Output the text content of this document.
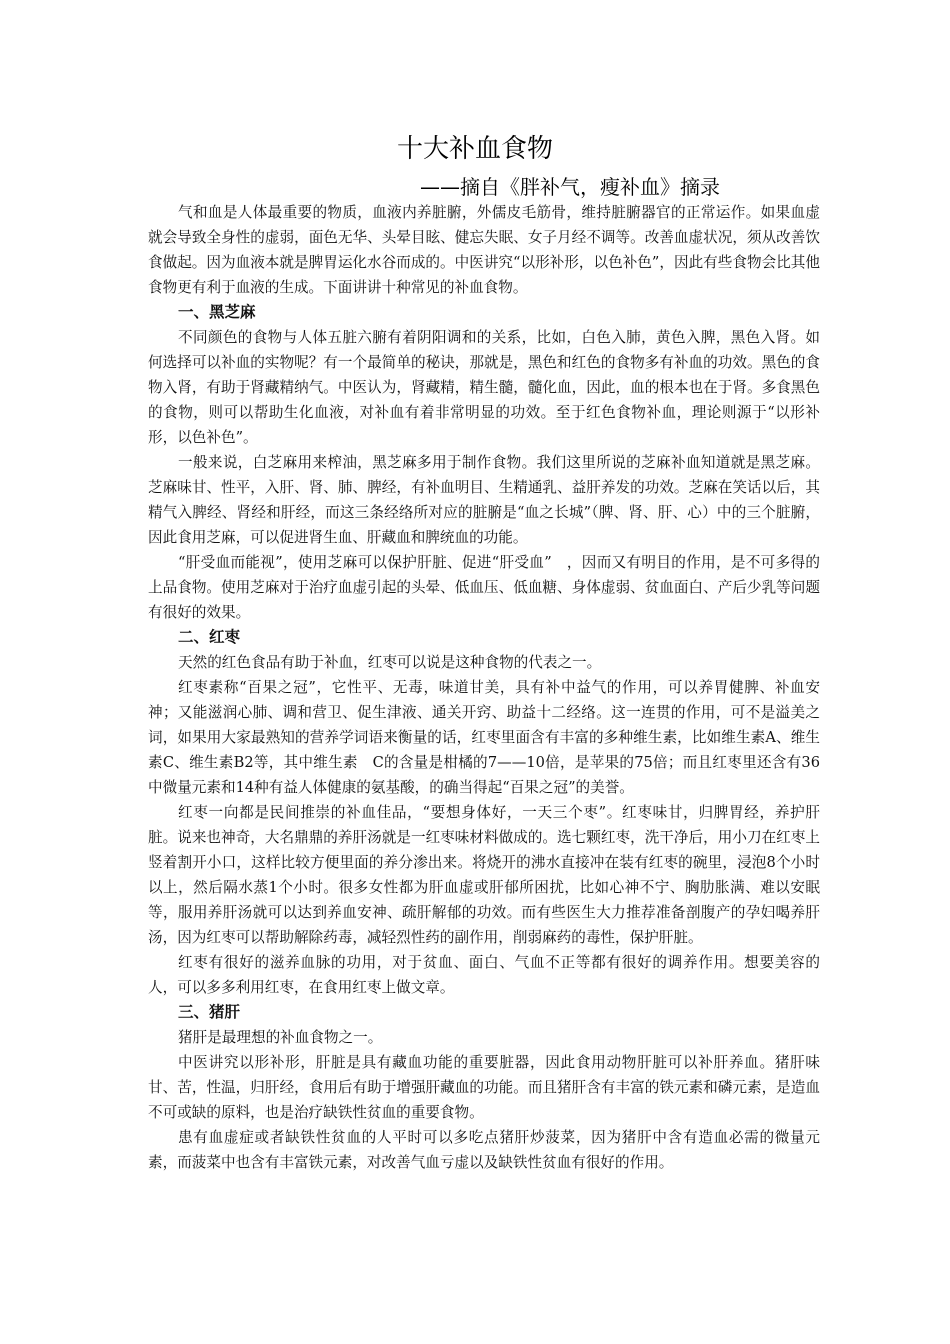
十大补血食物
——摘自《胖补气，瘦补血》摘录

气和血是人体最重要的物质，血液内养脏腑，外儒皮毛筋骨，维持脏腑器官的正常运作。如果血虚就会导致全身性的虚弱，面色无华、头晕目眩、健忘失眠、女子月经不调等。改善血虚状况，须从改善饮食做起。因为血液本就是脾胃运化水谷而成的。中医讲究“以形补形，以色补色”，因此有些食物会比其他食物更有利于血液的生成。下面讲讲十种常见的补血食物。

一、黑芝麻

不同颜色的食物与人体五脏六腑有着阴阳调和的关系，比如，白色入肺，黄色入脾，黑色入肾。如何选择可以补血的实物呢？有一个最简单的秘诀，那就是，黑色和红色的食物多有补血的功效。黑色的食物入肾，有助于肾藏精纳气。中医认为，肾藏精，精生髓，髓化血，因此，血的根本也在于肾。多食黑色的食物，则可以帮助生化血液，对补血有着非常明显的功效。至于红色食物补血，理论则源于“以形补形，以色补色”。

一般来说，白芝麻用来榨油，黑芝麻多用于制作食物。我们这里所说的芝麻补血知道就是黑芝麻。芝麻味甘、性平，入肝、肾、肺、脾经，有补血明目、生精通乳、益肝养发的功效。芝麻在笑话以后，其精气入脾经、肾经和肝经，而这三条经络所对应的脏腑是“血之长城”（脾、肾、肝、心）中的三个脏腑，因此食用芝麻，可以促进肾生血、肝藏血和脾统血的功能。

“肝受血而能视”，使用芝麻可以保护肝脏、促进“肝受血”　，因而又有明目的作用，是不可多得的上品食物。使用芝麻对于治疗血虚引起的头晕、低血压、低血糖、身体虚弱、贫血面白、产后少乳等问题有很好的效果。

二、红枣

天然的红色食品有助于补血，红枣可以说是这种食物的代表之一。

红枣素称“百果之冠”，它性平、无毒，味道甘美，具有补中益气的作用，可以养胃健脾、补血安神；又能滋润心肺、调和营卫、促生津液、通关开窍、助益十二经络。这一连贯的作用，可不是溢美之词，如果用大家最熟知的营养学词语来衡量的话，红枣里面含有丰富的多种维生素，比如维生素A、维生素C、维生素B2等，其中维生素　C的含量是柑橘的7——10倍，是苹果的75倍；而且红枣里还含有36中微量元素和14种有益人体健康的氨基酸，的确当得起“百果之冠”的美誉。

红枣一向都是民间推崇的补血佳品，“要想身体好，一天三个枣”。红枣味甘，归脾胃经，养护肝脏。说来也神奇，大名鼎鼎的养肝汤就是一红枣味材料做成的。选七颗红枣，洗干净后，用小刀在红枣上竖着割开小口，这样比较方便里面的养分渗出来。将烧开的沸水直接冲在装有红枣的碗里，浸泡8个小时以上，然后隔水蒸1个小时。很多女性都为肝血虚或肝郁所困扰，比如心神不宁、胸肋胀满、难以安眠等，服用养肝汤就可以达到养血安神、疏肝解郁的功效。而有些医生大力推荐准备剖腹产的孕妇喝养肝汤，因为红枣可以帮助解除药毒，减轻烈性药的副作用，削弱麻药的毒性，保护肝脏。

红枣有很好的滋养血脉的功用，对于贫血、面白、气血不正等都有很好的调养作用。想要美容的人，可以多多利用红枣，在食用红枣上做文章。

三、猪肝

猪肝是最理想的补血食物之一。

中医讲究以形补形，肝脏是具有藏血功能的重要脏器，因此食用动物肝脏可以补肝养血。猪肝味甘、苦，性温，归肝经，食用后有助于增强肝藏血的功能。而且猪肝含有丰富的铁元素和磷元素，是造血不可或缺的原料，也是治疗缺铁性贫血的重要食物。

患有血虚症或者缺铁性贫血的人平时可以多吃点猪肝炒菠菜，因为猪肝中含有造血必需的微量元素，而菠菜中也含有丰富铁元素，对改善气血亏虚以及缺铁性贫血有很好的作用。
